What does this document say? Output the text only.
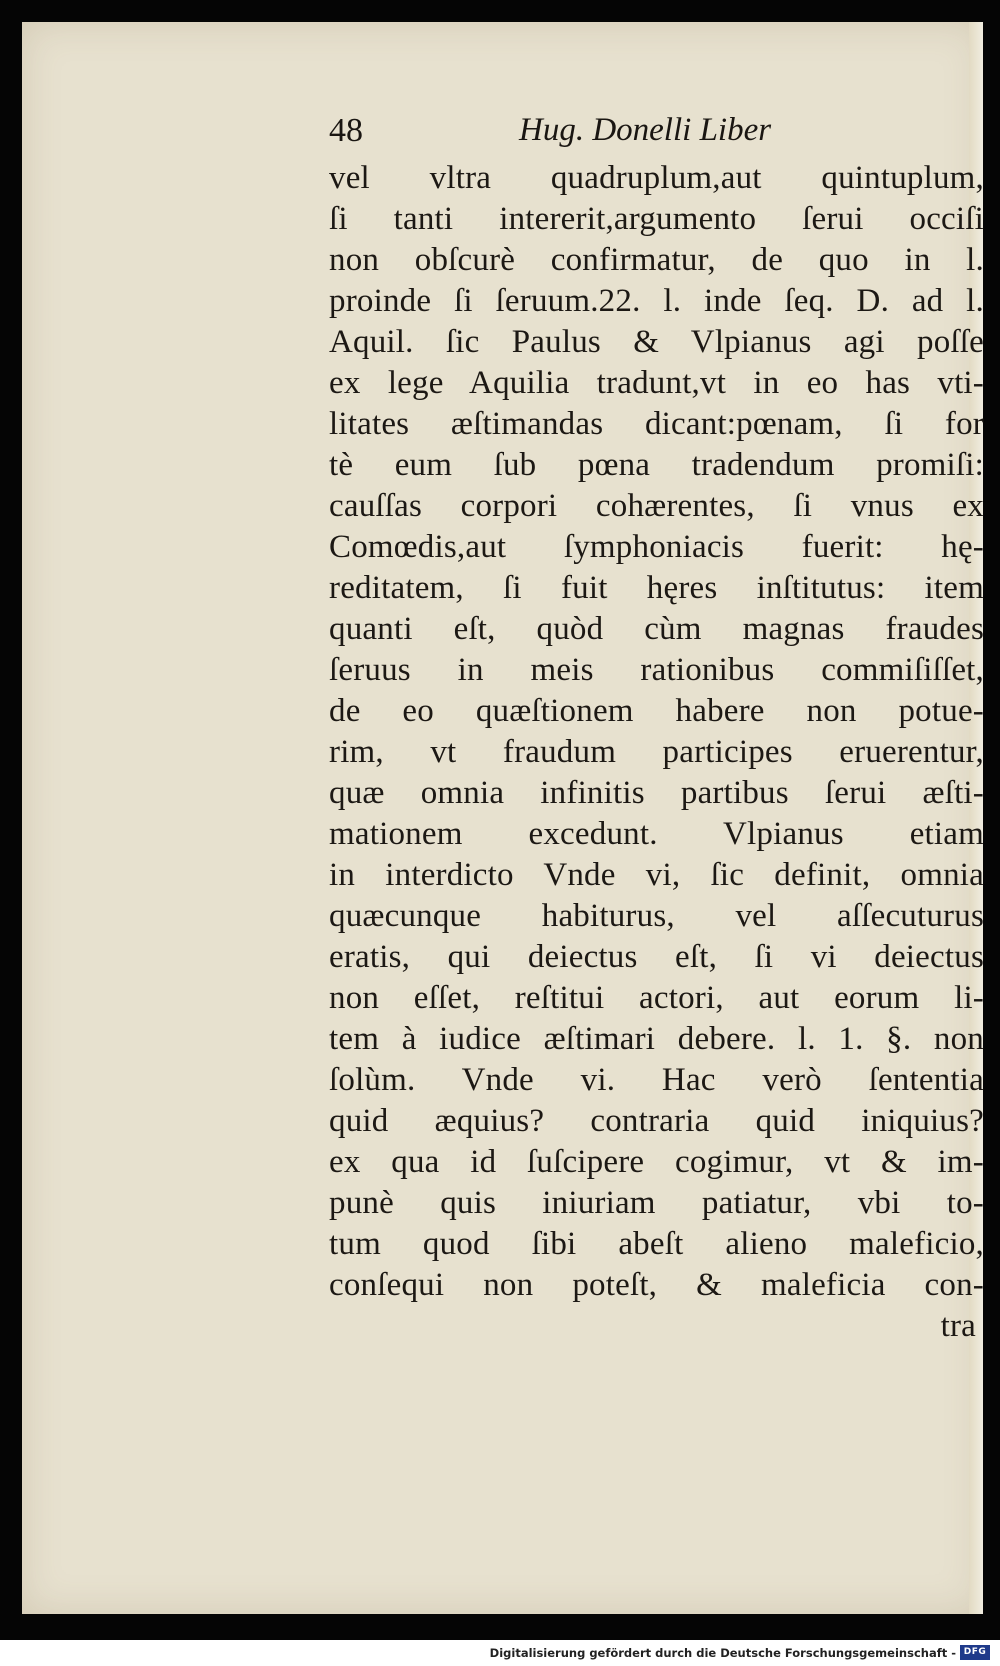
48	Hug. Donelli Liber
vel vltra quadruplum,aut quintuplum,
ſi tanti intererit,argumento ſerui occiſi
non obſcurè confirmatur, de quo in l.
proinde ſi ſeruum.22. l. inde ſeq. D. ad l.
Aquil. ſic Paulus & Vlpianus agi poſſe
ex lege Aquilia tradunt,vt in eo has vti-
litates æſtimandas dicant:pœnam, ſi for
tè eum ſub pœna tradendum promiſi:
cauſſas corpori cohærentes, ſi vnus ex
Comœdis,aut ſymphoniacis fuerit: hę-
reditatem, ſi fuit hęres inſtitutus: item
quanti eſt, quòd cùm magnas fraudes
ſeruus in meis rationibus commiſiſſet,
de eo quæſtionem habere non potue-
rim, vt fraudum participes eruerentur,
quæ omnia infinitis partibus ſerui æſti-
mationem excedunt. Vlpianus etiam
in interdicto Vnde vi, ſic definit, omnia
quæcunque habiturus, vel aſſecuturus
eratis, qui deiectus eſt, ſi vi deiectus
non eſſet, reſtitui actori, aut eorum li-
tem à iudice æſtimari debere. l. 1. §. non
ſolùm. Vnde vi. Hac verò ſententia
quid æquius? contraria quid iniquius?
ex qua id ſuſcipere cogimur, vt & im-
punè quis iniuriam patiatur, vbi to-
tum quod ſibi abeſt alieno maleficio,
conſequi non poteſt, & maleficia con-
tra
Digitalisierung gefördert durch die Deutsche Forschungsgemeinschaft - DFG
